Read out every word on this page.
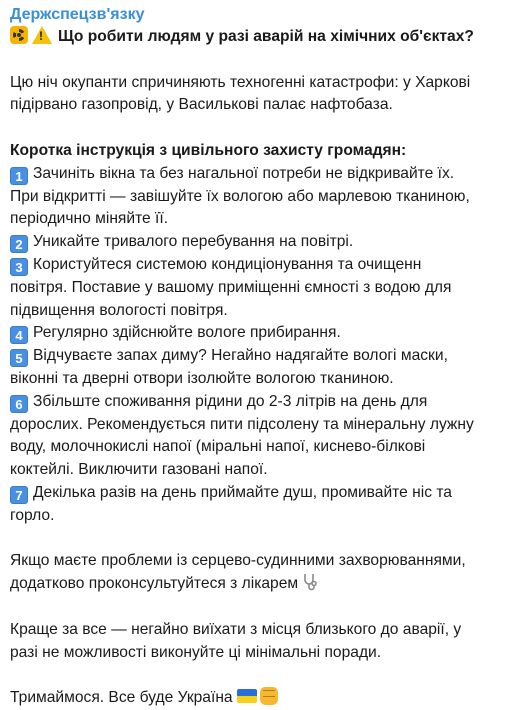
Держспецзв'язку
!Що робити людям у разі аварій на хімічних об'єктах?
Цю ніч окупанти спричиняють техногенні катастрофи: у Харкові
підірвано газопровід, у Василькові палає нафтобаза.
Коротка інструкція з цивільного захисту громадян:
1 Зачиніть вікна та без нагальної потреби не відкривайте їх.
При відкритті — завішуйте їх вологою або марлевою тканиною,
періодично міняйте її.
2 Уникайте тривалого перебування на повітрі.
3 Користуйтеся системою кондиціонування та очищенн
повітря. Поставие у вашому приміщенні ємності з водою для
підвищення вологості повітря.
4 Регулярно здійснюйте вологе прибирання.
5 Відчуваєте запах диму? Негайно надягайте вологі маски,
віконні та дверні отвори ізолюйте вологою тканиною.
6 Збільште споживання рідини до 2-3 літрів на день для
дорослих. Рекомендується пити підсолену та мінеральну лужну
воду, молочнокислі напої (міральні напої, кисневo-білкові
коктейлі. Виключити газовані напої.
7 Декілька разів на день приймайте душ, промивайте ніс та
горло.
Якщо маєте проблеми із серцево-судинними захворюваннями,
додатково проконсультуйтеся з лікарем
Краще за все — негайно виїхати з місця близького до аварії, у
разі не можливості виконуйте ці мінімальні поради.
Тримаймося. Все буде Україна
